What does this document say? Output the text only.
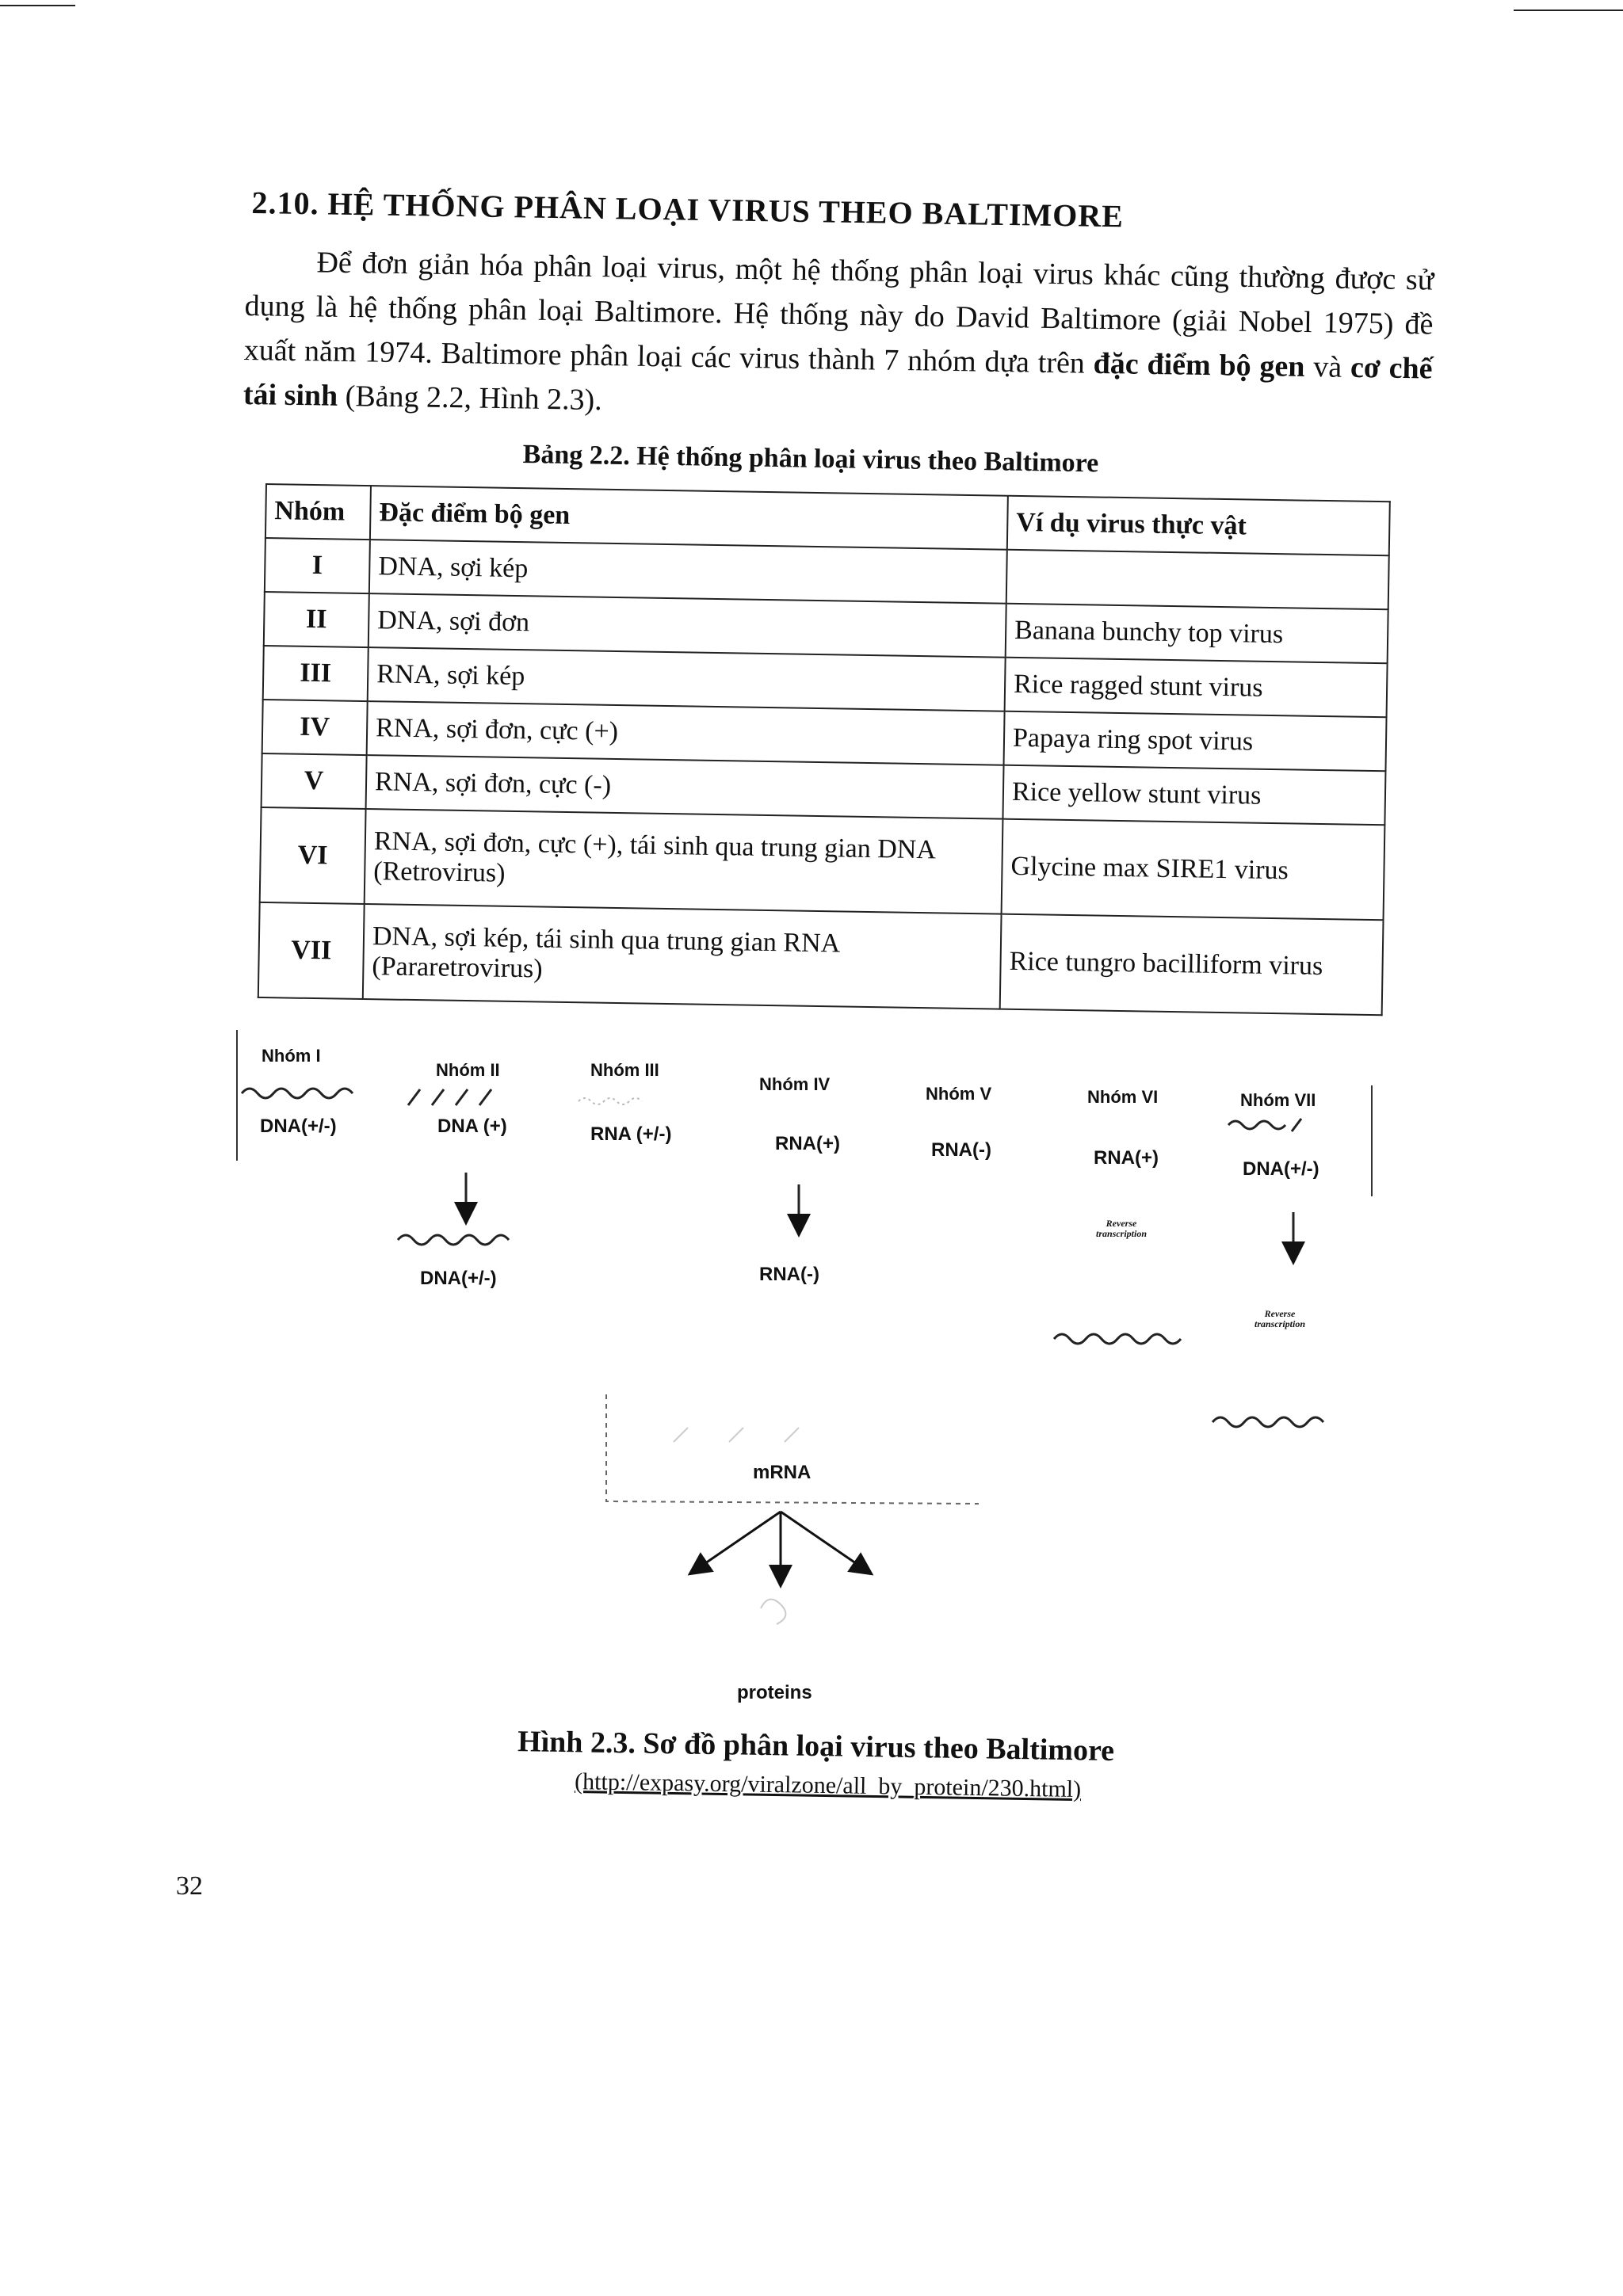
2.10. HỆ THỐNG PHÂN LOẠI VIRUS THEO BALTIMORE

Để đơn giản hóa phân loại virus, một hệ thống phân loại virus khác cũng thường được sử dụng là hệ thống phân loại Baltimore. Hệ thống này do David Baltimore (giải Nobel 1975) đề xuất năm 1974. Baltimore phân loại các virus thành 7 nhóm dựa trên đặc điểm bộ gen và cơ chế tái sinh (Bảng 2.2, Hình 2.3).

Bảng 2.2. Hệ thống phân loại virus theo Baltimore
Nhóm	Đặc điểm bộ gen	Ví dụ virus thực vật
I	DNA, sợi kép	
II	DNA, sợi đơn	Banana bunchy top virus
III	RNA, sợi kép	Rice ragged stunt virus
IV	RNA, sợi đơn, cực (+)	Papaya ring spot virus
V	RNA, sợi đơn, cực (-)	Rice yellow stunt virus
VI	RNA, sợi đơn, cực (+), tái sinh qua trung gian DNA (Retrovirus)	Glycine max SIRE1 virus
VII	DNA, sợi kép, tái sinh qua trung gian RNA (Pararetrovirus)	Rice tungro bacilliform virus
Nhóm I
DNA(+/-)
Nhóm II
DNA (+)
DNA(+/-)
Nhóm III
RNA (+/-)
Nhóm IV
RNA(+)
RNA(-)
Nhóm V
RNA(-)
Nhóm VI
RNA(+)
Reverse transcription
Nhóm VII
DNA(+/-)
Reverse transcription
mRNA
proteins
Hình 2.3. Sơ đồ phân loại virus theo Baltimore
(http://expasy.org/viralzone/all_by_protein/230.html)
32
